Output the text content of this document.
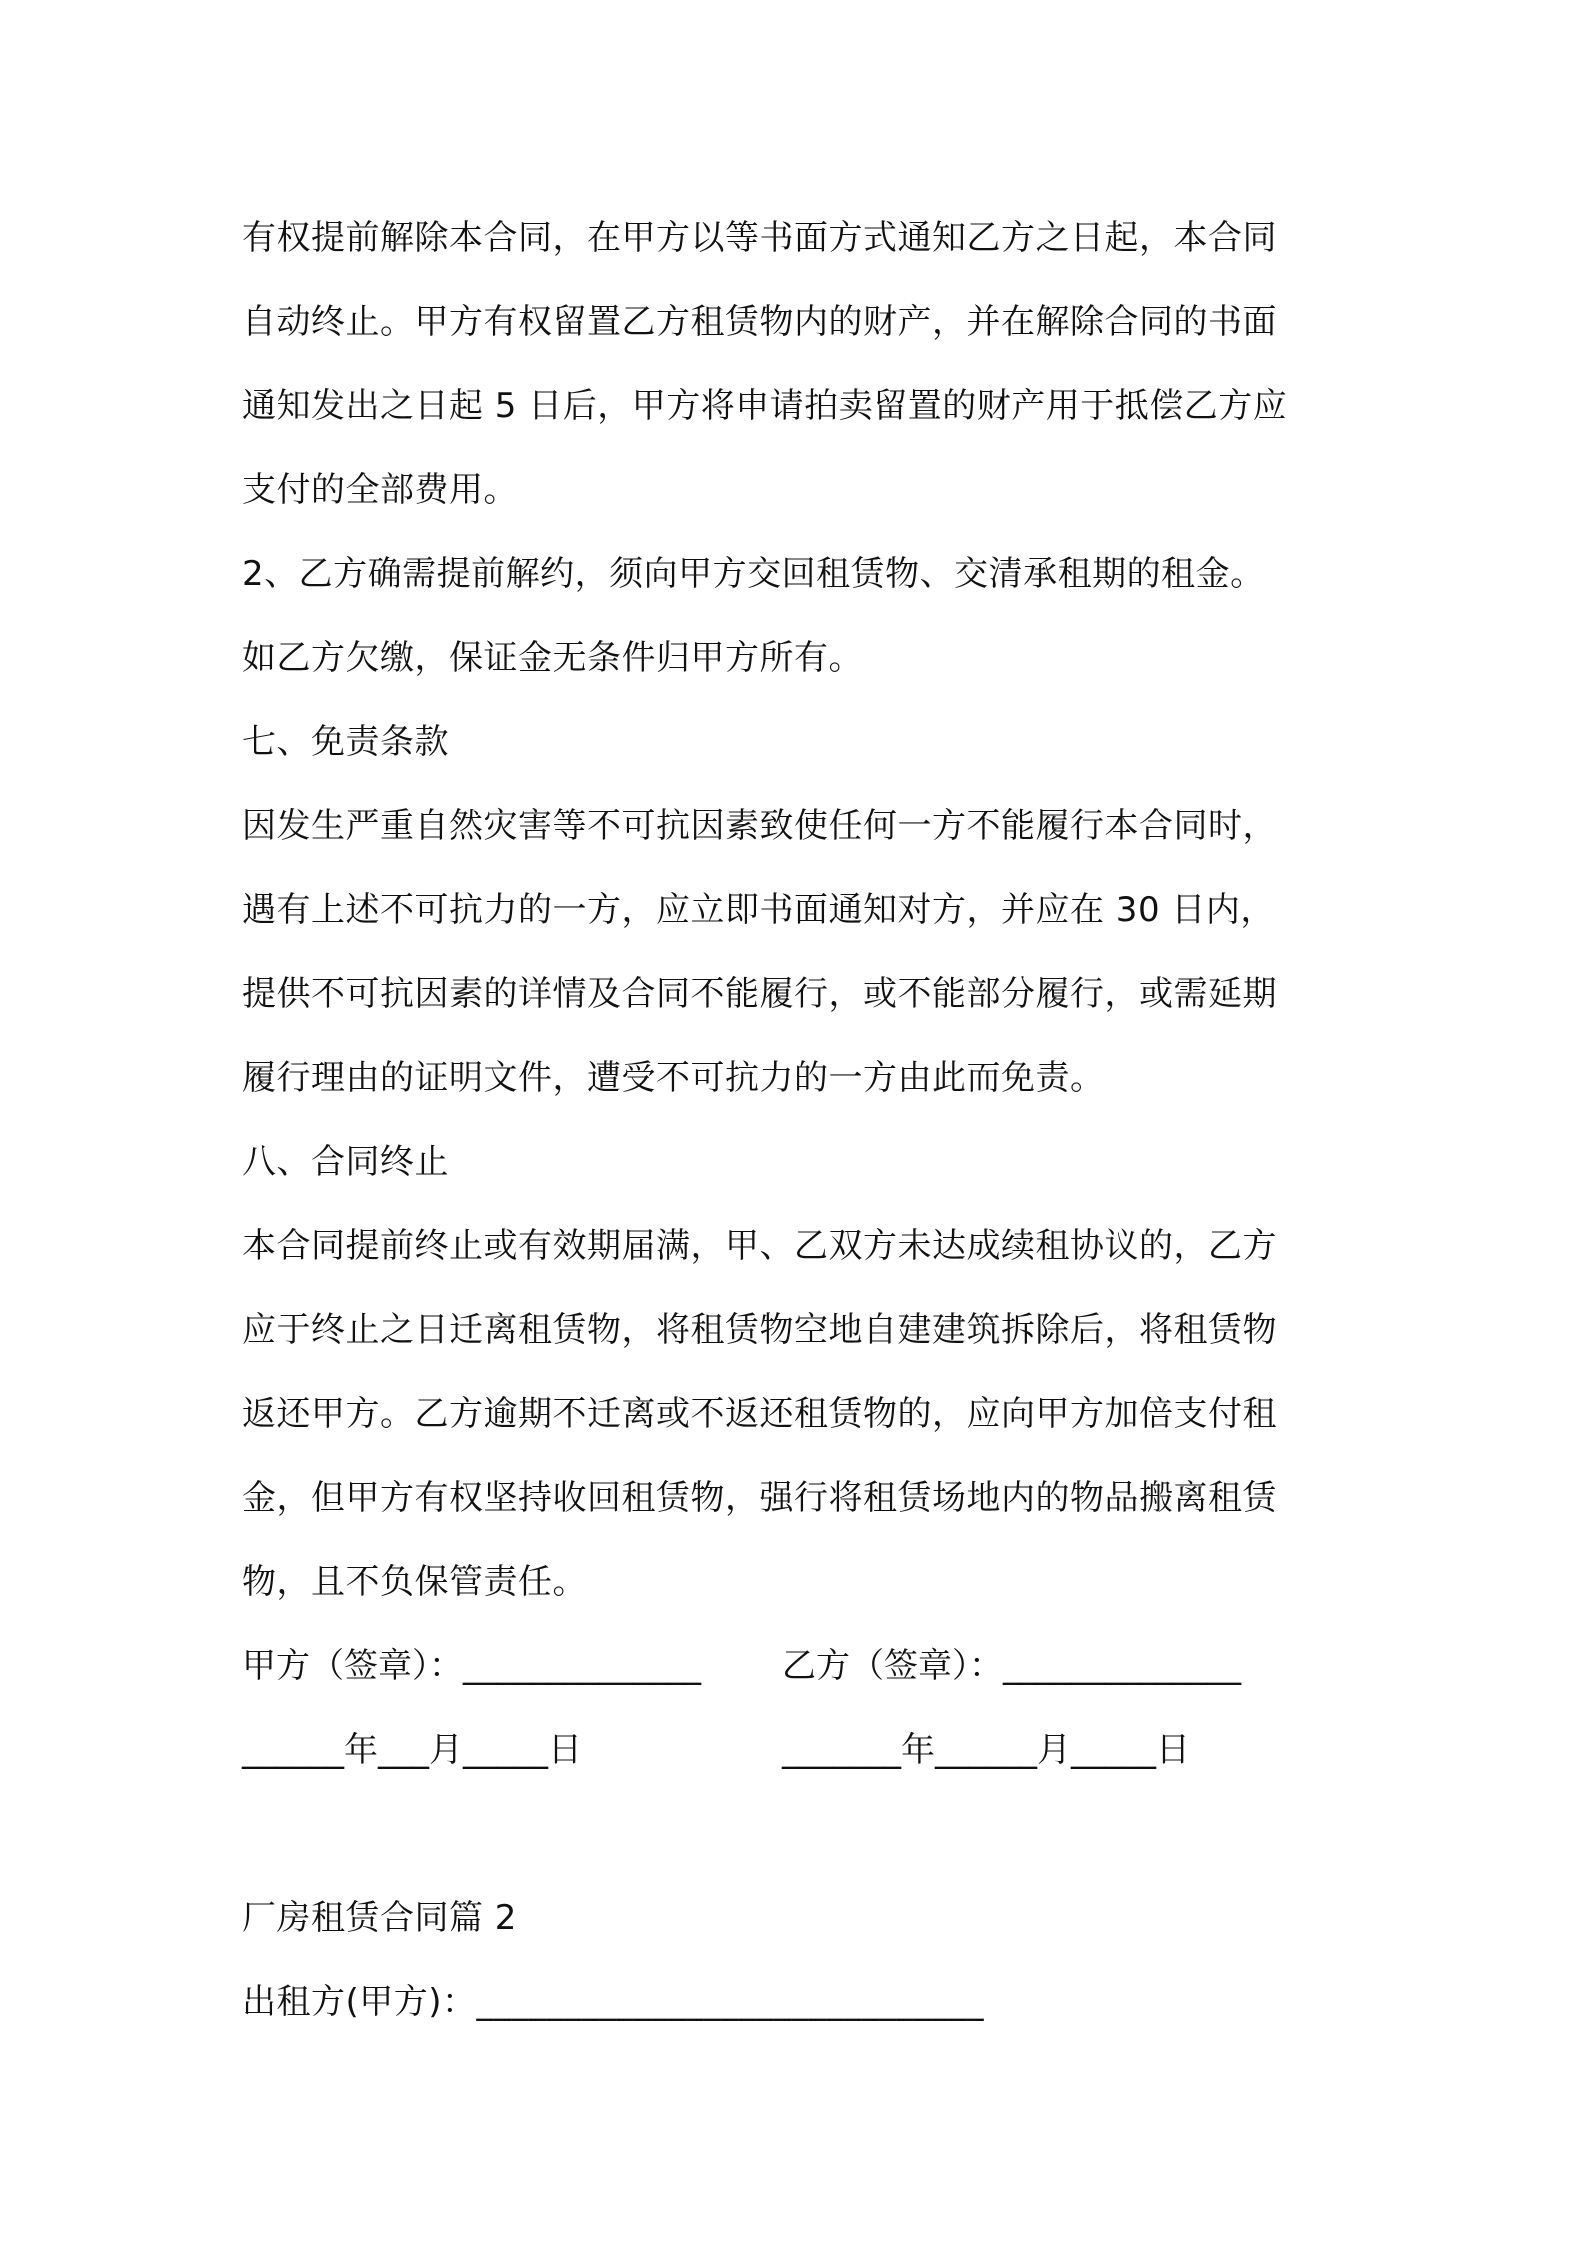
有权提前解除本合同，在甲方以等书面方式通知乙方之日起，本合同
自动终止。甲方有权留置乙方租赁物内的财产，并在解除合同的书面
通知发出之日起 5 日后，甲方将申请拍卖留置的财产用于抵偿乙方应
支付的全部费用。
2、乙方确需提前解约，须向甲方交回租赁物、交清承租期的租金。
如乙方欠缴，保证金无条件归甲方所有。
七、免责条款
因发生严重自然灾害等不可抗因素致使任何一方不能履行本合同时，
遇有上述不可抗力的一方，应立即书面通知对方，并应在 30 日内，
提供不可抗因素的详情及合同不能履行，或不能部分履行，或需延期
履行理由的证明文件，遭受不可抗力的一方由此而免责。
八、合同终止
本合同提前终止或有效期届满，甲、乙双方未达成续租协议的，乙方
应于终止之日迁离租赁物，将租赁物空地自建建筑拆除后，将租赁物
返还甲方。乙方逾期不迁离或不返还租赁物的，应向甲方加倍支付租
金，但甲方有权坚持收回租赁物，强行将租赁场地内的物品搬离租赁
物，且不负保管责任。
甲方（签章）：______________ 乙方（签章）：______________
______年___月_____日	_______年______月_____日
厂房租赁合同篇 2
出租方(甲方)：_____________________________
